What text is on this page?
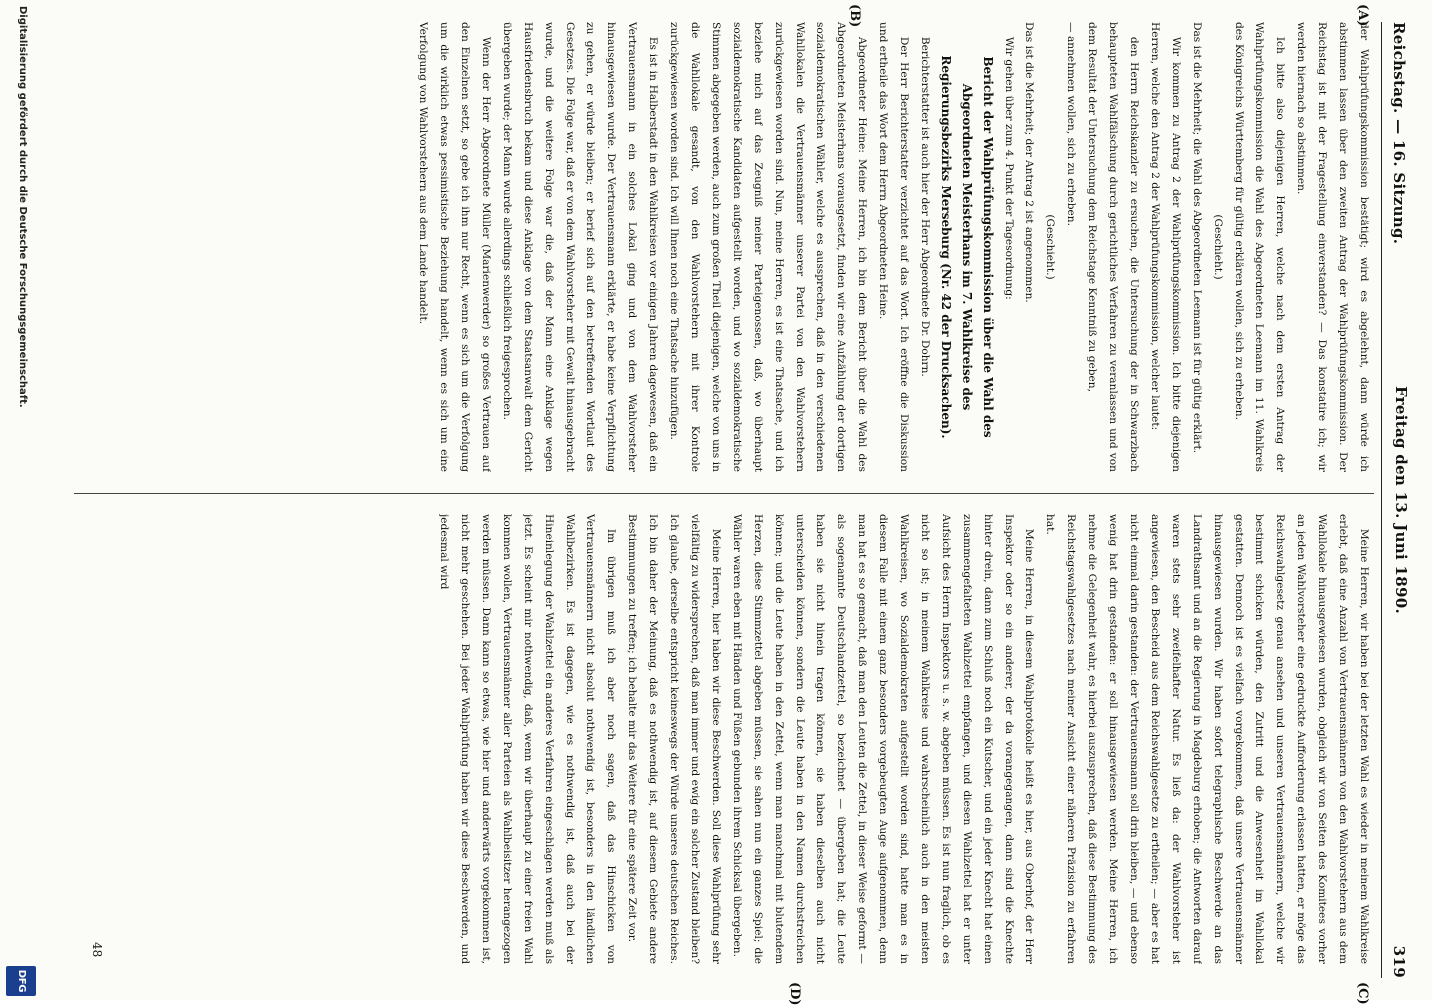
Reichstag. — 16. Sitzung.
Freitag den 13. Juni 1890.
319
(A)
(B)
(C)
(D)

der Wahlprüfungskommission bestätigt; wird es abgelehnt, dann würde ich abstimmen lassen über den zweiten Antrag der Wahlprüfungskommission. Der Reichstag ist mit der Fragestellung einverstanden? — Das konstatire ich; wir werden hiernach so abstimmen.

Ich bitte also diejenigen Herren, welche nach dem ersten Antrag der Wahlprüfungskommission die Wahl des Abgeordneten Leemann im 11. Wahlkreis des Königreichs Württemberg für gültig erklären wollen, sich zu erheben.

(Geschieht.)

Das ist die Mehrheit; die Wahl des Abgeordneten Leemann ist für gültig erklärt.

Wir kommen zu Antrag 2 der Wahlprüfungskommission. Ich bitte diejenigen Herren, welche den Antrag 2 der Wahlprüfungskommission, welcher lautet:

den Herrn Reichskanzler zu ersuchen, die Untersuchung der in Schwarzbach behaupteten Wahlfälschung durch gerichtliches Verfahren zu veranlassen und von dem Resultat der Untersuchung dem Reichstage Kenntniß zu geben,

— annehmen wollen, sich zu erheben.

(Geschieht.)

Das ist die Mehrheit; der Antrag 2 ist angenommen.

Wir gehen über zum 4. Punkt der Tagesordnung:

Bericht der Wahlprüfungskommission über die Wahl des Abgeordneten Meisterhans im 7. Wahlkreise des Regierungsbezirks Merseburg (Nr. 42 der Drucksachen).

Berichterstatter ist auch hier der Herr Abgeordnete Dr. Dohrn.

Der Herr Berichterstatter verzichtet auf das Wort. Ich eröffne die Diskussion und ertheile das Wort dem Herrn Abgeordneten Heine.

Abgeordneter Heine: Meine Herren, ich bin dem Bericht über die Wahl des Abgeordneten Meisterhans vorausgesetzt, finden wir eine Aufzählung der dortigen sozialdemokratischen Wähler, welche es aussprechen, daß in den verschiedenen Wahllokalen die Vertrauensmänner unserer Partei von den Wahlvorstehern zurückgewiesen worden sind. Nun, meine Herren, es ist eine Thatsache, und ich beziehe mich auf das Zeugniß meiner Parteigenossen, daß, wo überhaupt sozialdemokratische Kandidaten aufgestellt worden, und wo sozialdemokratische Stimmen abgegeben werden, auch zum großen Theil diejenigen, welche von uns in die Wahllokale gesandt, von den Wahlvorstehern mit ihrer Kontrole zurückgewiesen worden sind. Ich will Ihnen noch eine Thatsache hinzufügen.

Es ist in Halberstadt in den Wahlkreisen vor einigen Jahren dagewesen, daß ein Vertrauensmann in ein solches Lokal ging und von dem Wahlvorsteher hinausgewiesen wurde. Der Vertrauensmann erklärte, er habe keine Verpflichtung zu gehen, er würde bleiben; er berief sich auf den betreffenden Wortlaut des Gesetzes. Die Folge war, daß er von dem Wahlvorsteher mit Gewalt hinausgebracht wurde, und die weitere Folge war die, daß der Mann eine Anklage wegen Hausfriedensbruch bekam und diese Anklage von dem Staatsanwalt dem Gericht übergeben wurde; der Mann wurde allerdings schließlich freigesprochen.

Wenn der Herr Abgeordnete Müller (Marienwerder) so großes Vertrauen auf den Einzelnen setzt, so gebe ich ihm nur Recht, wenn es sich um die Verfolgung um die wirklich etwas pessimistische Beziehung handelt, wenn es sich um eine Verfolgung von Wahlvorstehern aus dem Lande handelt.

Meine Herren, wir haben bei der letzten Wahl es wieder in meinem Wahlkreise erlebt, daß eine Anzahl von Vertrauensmännern von den Wahlvorstehern aus dem Wahllokale hinausgewiesen wurden, obgleich wir von Seiten des Komitees vorher an jeden Wahlvorsteher eine gedruckte Aufforderung erlassen hatten, er möge das Reichswahlgesetz genau ansehen und unseren Vertrauensmännern, welche wir bestimmt schicken würden, den Zutritt und die Anwesenheit im Wahllokal gestatten. Dennoch ist es vielfach vorgekommen, daß unsere Vertrauensmänner hinausgewiesen wurden. Wir haben sofort telegraphische Beschwerde an das Landrathsamt und an die Regierung in Magdeburg erhoben; die Antworten darauf waren stets sehr zweifelhafter Natur. Es ließ da: der Wahlvorsteher ist angewiesen, den Bescheid aus dem Reichswahlgesetze zu ertheilen; — aber es hat nicht einmal darin gestanden: der Vertrauensmann soll drin bleiben, — und ebenso wenig hat drin gestanden: er soll hinausgewiesen werden. Meine Herren, ich nehme die Gelegenheit wahr, es hierbei auszusprechen, daß diese Bestimmung des Reichstagswahlgesetzes nach meiner Ansicht einer näheren Präzision zu erfahren hat.

Meine Herren, in diesem Wahlprotokolle heißt es hier, aus Oberhof, der Herr Inspektor oder so ein anderer, der da vorangegangen, dann sind die Knechte hinter drein, dann zum Schluß noch ein Kutscher, und ein jeder Knecht hat einen zusammengefalteten Wahlzettel empfangen, und diesen Wahlzettel hat er unter Aufsicht des Herrn Inspektors u. s. w. abgeben müssen. Es ist nun fraglich, ob es nicht so ist; in meinem Wahlkreise und wahrscheinlich auch in den meisten Wahlkreisen, wo Sozialdemokraten aufgestellt worden sind, hatte man es in diesem Falle mit einem ganz besonders vorgebeugten Auge aufgenommen, denn man hat es so gemacht, daß man den Leuten die Zettel, in dieser Weise geformt — als sogenannte Deutschlandzettel, so bezeichnet — übergeben hat; die Leute haben sie nicht hinein tragen können, sie haben dieselben auch nicht unterscheiden können, sondern die Leute haben in den Namen durchstreichen können; und die Leute haben in den Zettel, wenn man manchmal mit blutendem Herzen, diese Stimmzettel abgeben müssen, sie sahen nun ein ganzes Spiel; die Wähler waren eben mit Händen und Füßen gebunden ihrem Schicksal übergeben.

Meine Herren, hier haben wir diese Beschwerden. Soll diese Wahlprüfung sehr vielfältig zu widersprechen, daß man immer und ewig ein solcher Zustand bleiben? Ich glaube, derselbe entspricht keineswegs der Würde unseres deutschen Reiches. Ich bin daher der Meinung, daß es nothwendig ist, auf diesem Gebiete andere Bestimmungen zu treffen; ich behalte mir das Weitere für eine spätere Zeit vor.

Im übrigen muß ich aber noch sagen, daß das Hinschicken von Vertrauensmännern nicht absolut nothwendig ist, besonders in den ländlichen Wahlbezirken. Es ist dagegen, wie es nothwendig ist, daß auch bei der Hineinlegung der Wahlzettel ein anderes Verfahren eingeschlagen werden muß als jetzt. Es scheint mir nothwendig, daß, wenn wir überhaupt zu einer freien Wahl kommen wollen, Vertrauensmänner aller Parteien als Wahlbeisitzer herangezogen werden müssen. Dann kann so etwas, wie hier und anderwärts vorgekommen ist, nicht mehr geschehen. Bei jeder Wahlprüfung haben wir diese Beschwerden, und jedesmal wird

48
Digitalisierung gefördert durch die Deutsche Forschungsgemeinschaft.
DFG
